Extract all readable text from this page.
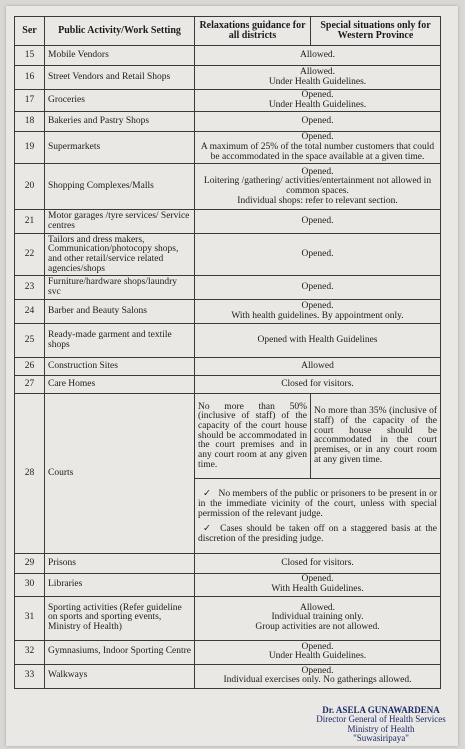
Ser	Public Activity/Work Setting	Relaxations guidance for all districts	Special situations only for Western Province
15	Mobile Vendors	Allowed.	

16	Street Vendors and Retail Shops	Allowed.
Under Health Guidelines.	

17	Groceries	Opened.
Under Health Guidelines.	

18	Bakeries and Pastry Shops	Opened.	

19	Supermarkets	Opened.
A maximum of 25% of the total number customers that could be accommodated in the space available at a given time.	

20	Shopping Complexes/Malls	Opened.
Loitering /gathering/ activities/entertainment not allowed in common spaces.
Individual shops: refer to relevant section.	

21	Motor garages /tyre services/ Service centres	Opened.	

22	Tailors and dress makers, Communication/photocopy shops, and other retail/service related agencies/shops	Opened.	

23	Furniture/hardware shops/laundry svc	Opened.	

24	Barber and Beauty Salons	Opened.
With health guidelines. By appointment only.	

25	Ready-made garment and textile shops	Opened with Health Guidelines	

26	Construction Sites	Allowed	

27	Care Homes	Closed for visitors.	

28	Courts	No more than 50% (inclusive of staff) of the capacity of the court house should be accommodated in the court premises and in any court room at any given time.	No more than 35% (inclusive of staff) of the capacity of the court house should be accommodated in the court premises, or in any court room at any given time.

		✓ No members of the public or prisoners to be present in or in the immediate vicinity of the court, unless with special permission of the relevant judge.
✓ Cases should be taken off on a staggered basis at the discretion of the presiding judge.	

29	Prisons	Closed for visitors.	

30	Libraries	Opened.
With Health Guidelines.	

31	Sporting activities (Refer guideline on sports and sporting events, Ministry of Health)	Allowed.
Individual training only.
Group activities are not allowed.	

32	Gymnasiums, Indoor Sporting Centre	Opened.
Under Health Guidelines.	

33	Walkways	Opened.
Individual exercises only. No gatherings allowed.	
Dr. ASELA GUNAWARDENA
Director General of Health Services
Ministry of Health
"Suwasiripaya"
